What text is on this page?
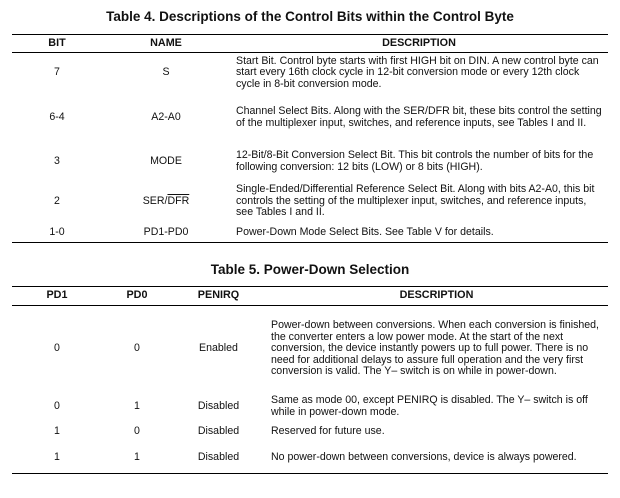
Table 4. Descriptions of the Control Bits within the Control Byte
BIT	NAME	DESCRIPTION
7	S	Start Bit. Control byte starts with first HIGH bit on DIN. A new control byte can start every 16th clock cycle in 12-bit conversion mode or every 12th clock cycle in 8-bit conversion mode.
6-4	A2-A0	Channel Select Bits. Along with the SER/DFR bit, these bits control the setting of the multiplexer input, switches, and reference inputs, see Tables I and II.
3	MODE	12-Bit/8-Bit Conversion Select Bit. This bit controls the number of bits for the following conversion: 12 bits (LOW) or 8 bits (HIGH).
2	SER/$\overline{DFR}$	Single-Ended/Differential Reference Select Bit. Along with bits A2-A0, this bit controls the setting of the multiplexer input, switches, and reference inputs, see Tables I and II.
1-0	PD1-PD0	Power-Down Mode Select Bits. See Table V for details.
Table 5. Power-Down Selection
PD1	PD0	PENIRQ	DESCRIPTION
0	0	Enabled	Power-down between conversions. When each conversion is finished, the converter enters a low power mode. At the start of the next conversion, the device instantly powers up to full power. There is no need for additional delays to assure full operation and the very first conversion is valid. The Y– switch is on while in power-down.
0	1	Disabled	Same as mode 00, except PENIRQ is disabled. The Y– switch is off while in power-down mode.
1	0	Disabled	Reserved for future use.
1	1	Disabled	No power-down between conversions, device is always powered.
